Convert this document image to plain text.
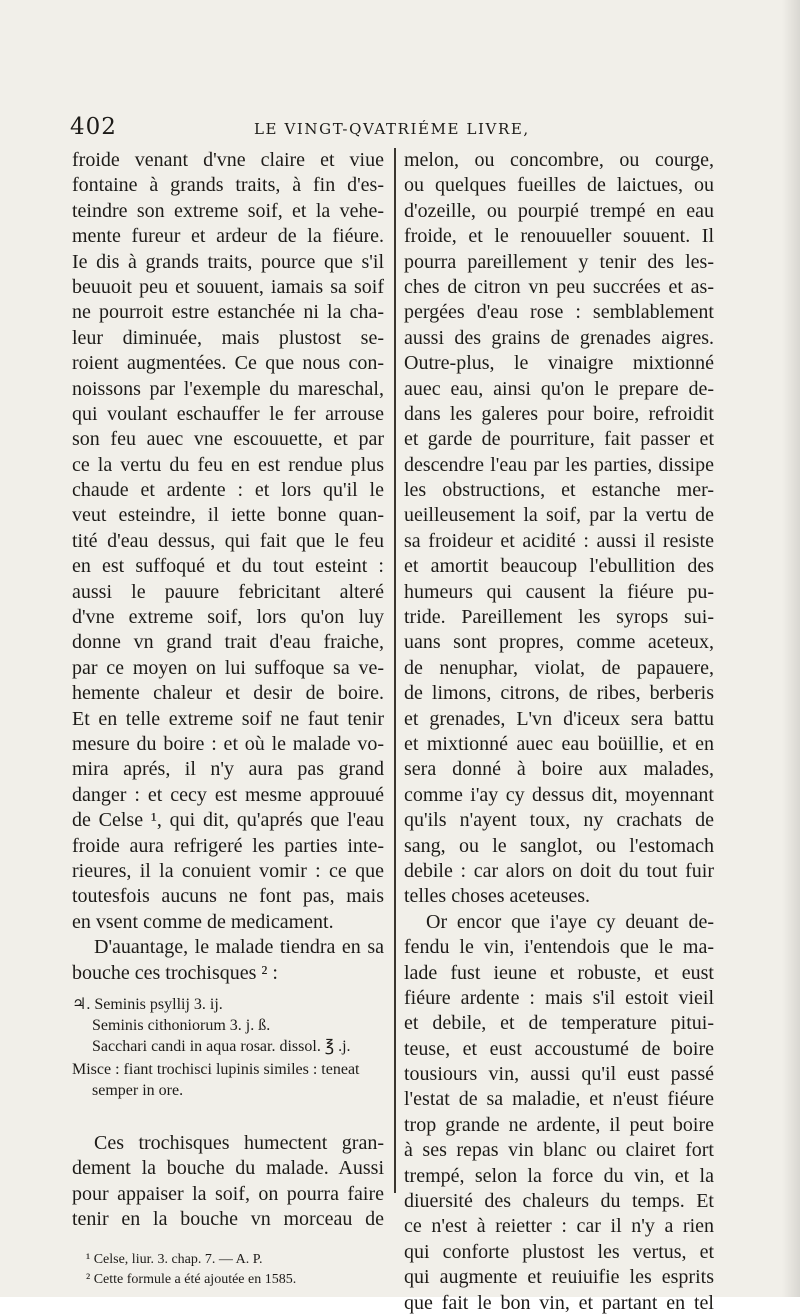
402	LE VINGT-QVATRIÉME LIVRE,
froide venant d'vne claire et viue
fontaine à grands traits, à fin d'es-
teindre son extreme soif, et la vehe-
mente fureur et ardeur de la fiéure.
Ie dis à grands traits, pource que s'il
beuuoit peu et souuent, iamais sa soif
ne pourroit estre estanchée ni la cha-
leur diminuée, mais plustost se-
roient augmentées. Ce que nous con-
noissons par l'exemple du mareschal,
qui voulant eschauffer le fer arrouse
son feu auec vne escouuette, et par
ce la vertu du feu en est rendue plus
chaude et ardente : et lors qu'il le
veut esteindre, il iette bonne quan-
tité d'eau dessus, qui fait que le feu
en est suffoqué et du tout esteint :
aussi le pauure febricitant alteré
d'vne extreme soif, lors qu'on luy
donne vn grand trait d'eau fraiche,
par ce moyen on lui suffoque sa ve-
hemente chaleur et desir de boire.
Et en telle extreme soif ne faut tenir
mesure du boire : et où le malade vo-
mira aprés, il n'y aura pas grand
danger : et cecy est mesme approuué
de Celse ¹, qui dit, qu'aprés que l'eau
froide aura refrigeré les parties inte-
rieures, il la conuient vomir : ce que
toutesfois aucuns ne font pas, mais
en vsent comme de medicament.
D'auantage, le malade tiendra en sa
bouche ces trochisques ² :
♃. Seminis psyllij 3. ij.
Seminis cithoniorum 3. j. ß.
Sacchari candi in aqua rosar. dissol. ℥ .j.
Misce : fiant trochisci lupinis similes : teneat
semper in ore.
Ces trochisques humectent gran-
dement la bouche du malade. Aussi
pour appaiser la soif, on pourra faire
tenir en la bouche vn morceau de
¹ Celse, liur. 3. chap. 7. — A. P.
² Cette formule a été ajoutée en 1585.
melon, ou concombre, ou courge,
ou quelques fueilles de laictues, ou
d'ozeille, ou pourpié trempé en eau
froide, et le renouueller souuent. Il
pourra pareillement y tenir des les-
ches de citron vn peu succrées et as-
pergées d'eau rose : semblablement
aussi des grains de grenades aigres.
Outre-plus, le vinaigre mixtionné
auec eau, ainsi qu'on le prepare de-
dans les galeres pour boire, refroidit
et garde de pourriture, fait passer et
descendre l'eau par les parties, dissipe
les obstructions, et estanche mer-
ueilleusement la soif, par la vertu de
sa froideur et acidité : aussi il resiste
et amortit beaucoup l'ebullition des
humeurs qui causent la fiéure pu-
tride. Pareillement les syrops sui-
uans sont propres, comme aceteux,
de nenuphar, violat, de papauere,
de limons, citrons, de ribes, berberis
et grenades, L'vn d'iceux sera battu
et mixtionné auec eau boüillie, et en
sera donné à boire aux malades,
comme i'ay cy dessus dit, moyennant
qu'ils n'ayent toux, ny crachats de
sang, ou le sanglot, ou l'estomach
debile : car alors on doit du tout fuir
telles choses aceteuses.
Or encor que i'aye cy deuant de-
fendu le vin, i'entendois que le ma-
lade fust ieune et robuste, et eust
fiéure ardente : mais s'il estoit vieil
et debile, et de temperature pitui-
teuse, et eust accoustumé de boire
tousiours vin, aussi qu'il eust passé
l'estat de sa maladie, et n'eust fiéure
trop grande ne ardente, il peut boire
à ses repas vin blanc ou clairet fort
trempé, selon la force du vin, et la
diuersité des chaleurs du temps. Et
ce n'est à reietter : car il n'y a rien
qui conforte plustost les vertus, et
qui augmente et reuiuifie les esprits
que fait le bon vin, et partant en tel
